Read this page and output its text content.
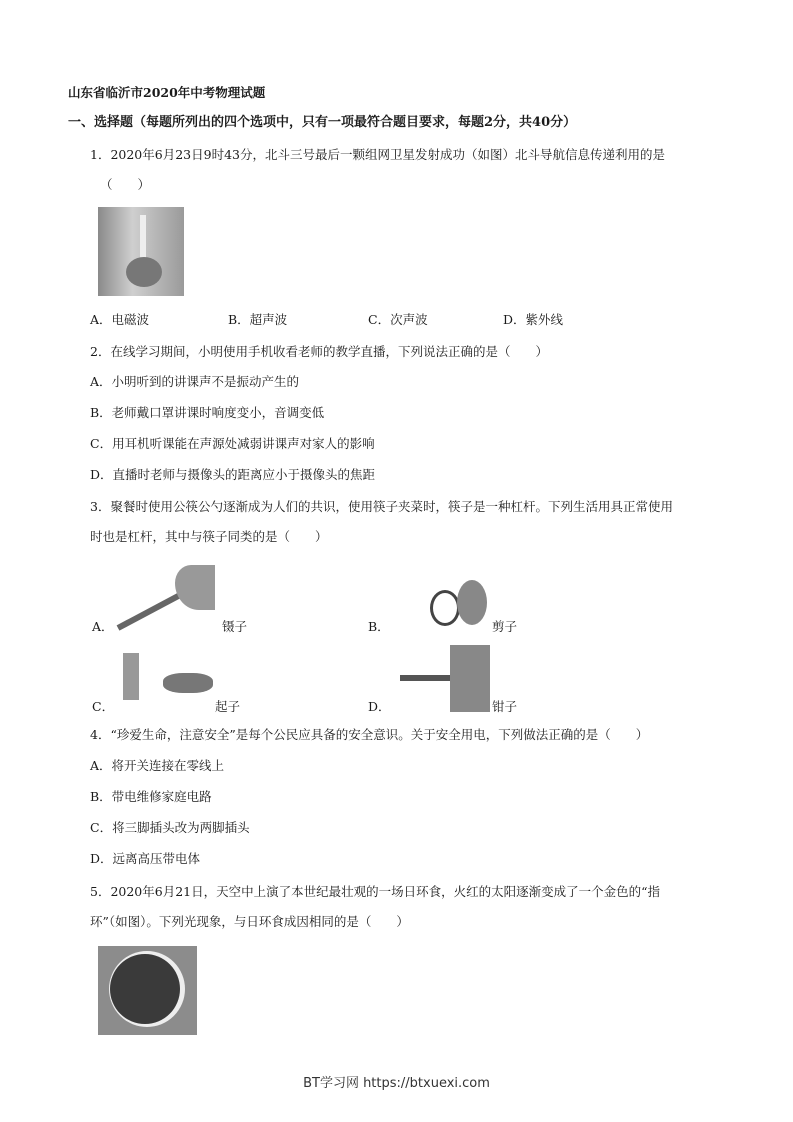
山东省临沂市2020年中考物理试题
一、选择题（每题所列出的四个选项中，只有一项最符合题目要求，每题2分，共40分）
1．2020年6月23日9时43分，北斗三号最后一颗组网卫星发射成功（如图）北斗导航信息传递利用的是
（　　）
A．电磁波	B．超声波	C．次声波	D．紫外线
2．在线学习期间，小明使用手机收看老师的教学直播，下列说法正确的是（　　）
A．小明听到的讲课声不是振动产生的
B．老师戴口罩讲课时响度变小，音调变低
C．用耳机听课能在声源处减弱讲课声对家人的影响
D．直播时老师与摄像头的距离应小于摄像头的焦距
3．聚餐时使用公筷公勺逐渐成为人们的共识，使用筷子夹菜时，筷子是一种杠杆。下列生活用具正常使用
时也是杠杆，其中与筷子同类的是（　　）
A．	镊子	B．	剪子
C．	起子	D．	钳子
4．“珍爱生命，注意安全”是每个公民应具备的安全意识。关于安全用电，下列做法正确的是（　　）
A．将开关连接在零线上
B．带电维修家庭电路
C．将三脚插头改为两脚插头
D．远离高压带电体
5．2020年6月21日，天空中上演了本世纪最壮观的一场日环食，火红的太阳逐渐变成了一个金色的“指
环”（如图）。下列光现象，与日环食成因相同的是（　　）
BT学习网 https://btxuexi.com
